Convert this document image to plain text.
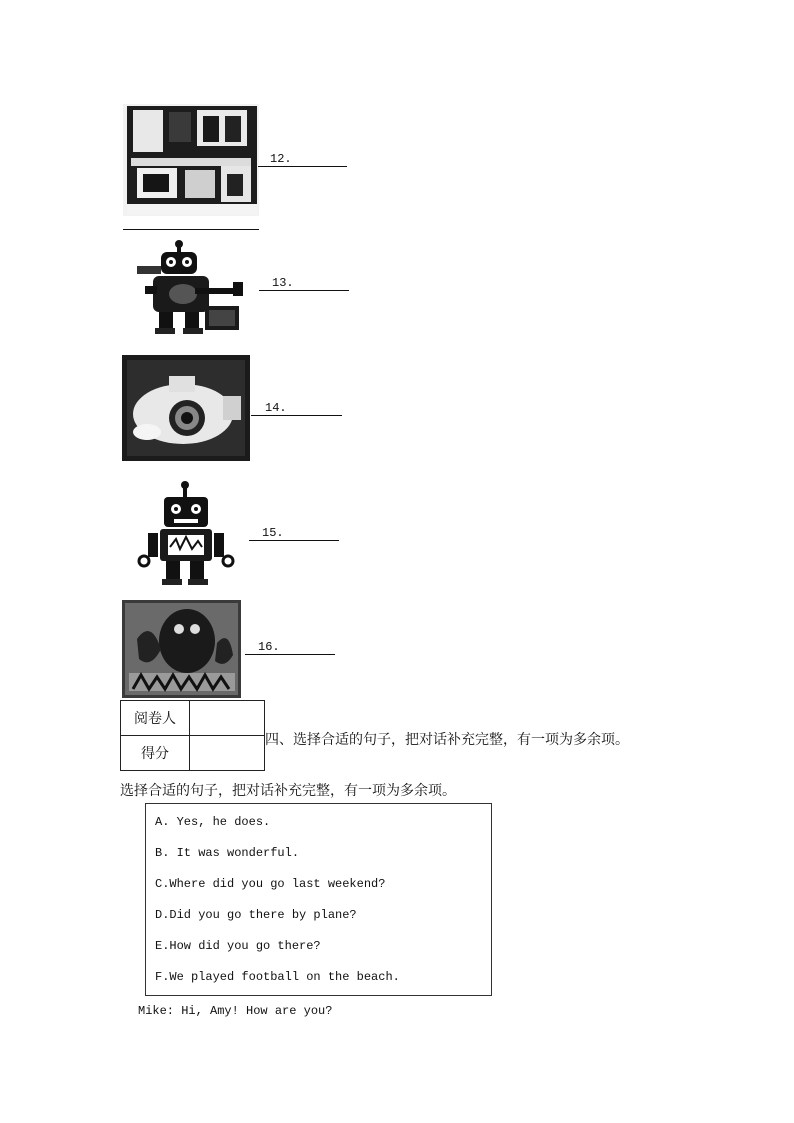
12.
13.
14.
15.
16.
阅卷人	
得分	
四、选择合适的句子，把对话补充完整，有一项为多余项。
选择合适的句子，把对话补充完整，有一项为多余项。
A. Yes, he does.
B. It was wonderful.
C.Where did you go last weekend?
D.Did you go there by plane?
E.How did you go there?
F.We played football on the beach.
Mike: Hi, Amy! How are you?
